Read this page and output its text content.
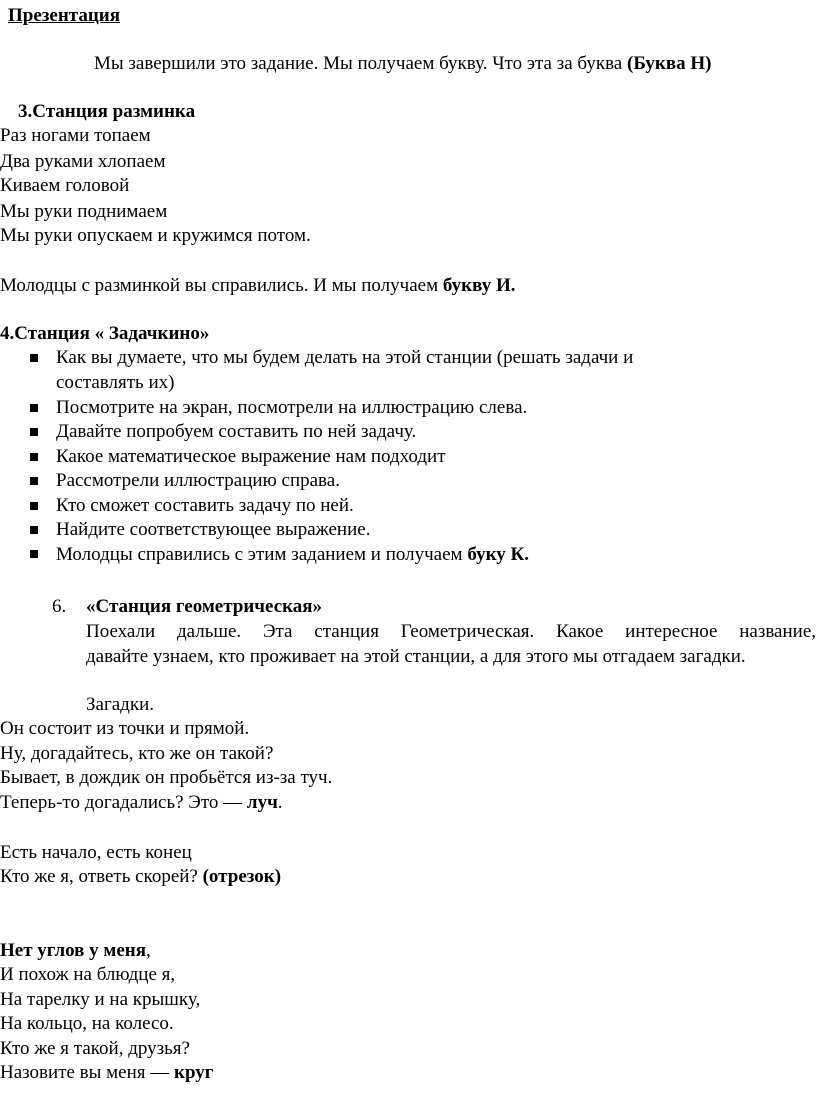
Презентация
Мы завершили это задание. Мы получаем букву. Что эта за буква (Буква Н)
3.Станция разминка
Раз ногами топаем
Два руками хлопаем
Киваем головой
Мы руки поднимаем
Мы руки опускаем и кружимся потом.
Молодцы с разминкой вы справились. И мы получаем букву И.
4.Станция « Задачкино»
Как вы думаете, что мы будем делать на этой станции (решать задачи и
составлять их)
Посмотрите на экран, посмотрели на иллюстрацию слева.
Давайте попробуем составить по ней задачу.
Какое математическое выражение нам подходит
Рассмотрели иллюстрацию справа.
Кто сможет составить задачу по ней.
Найдите соответствующее выражение.
Молодцы справились с этим заданием и получаем буку К.
6. «Станция геометрическая»
Поехали дальше. Эта станция Геометрическая. Какое интересное название,
давайте узнаем, кто проживает на этой станции, а для этого мы отгадаем загадки.
Загадки.
Он состоит из точки и прямой.
Ну, догадайтесь, кто же он такой?
Бывает, в дождик он пробьётся из-за туч.
Теперь-то догадались? Это — луч.
Есть начало, есть конец
Кто же я, ответь скорей? (отрезок)
Нет углов у меня,
И похож на блюдце я,
На тарелку и на крышку,
На кольцо, на колесо.
Кто же я такой, друзья?
Назовите вы меня — круг
